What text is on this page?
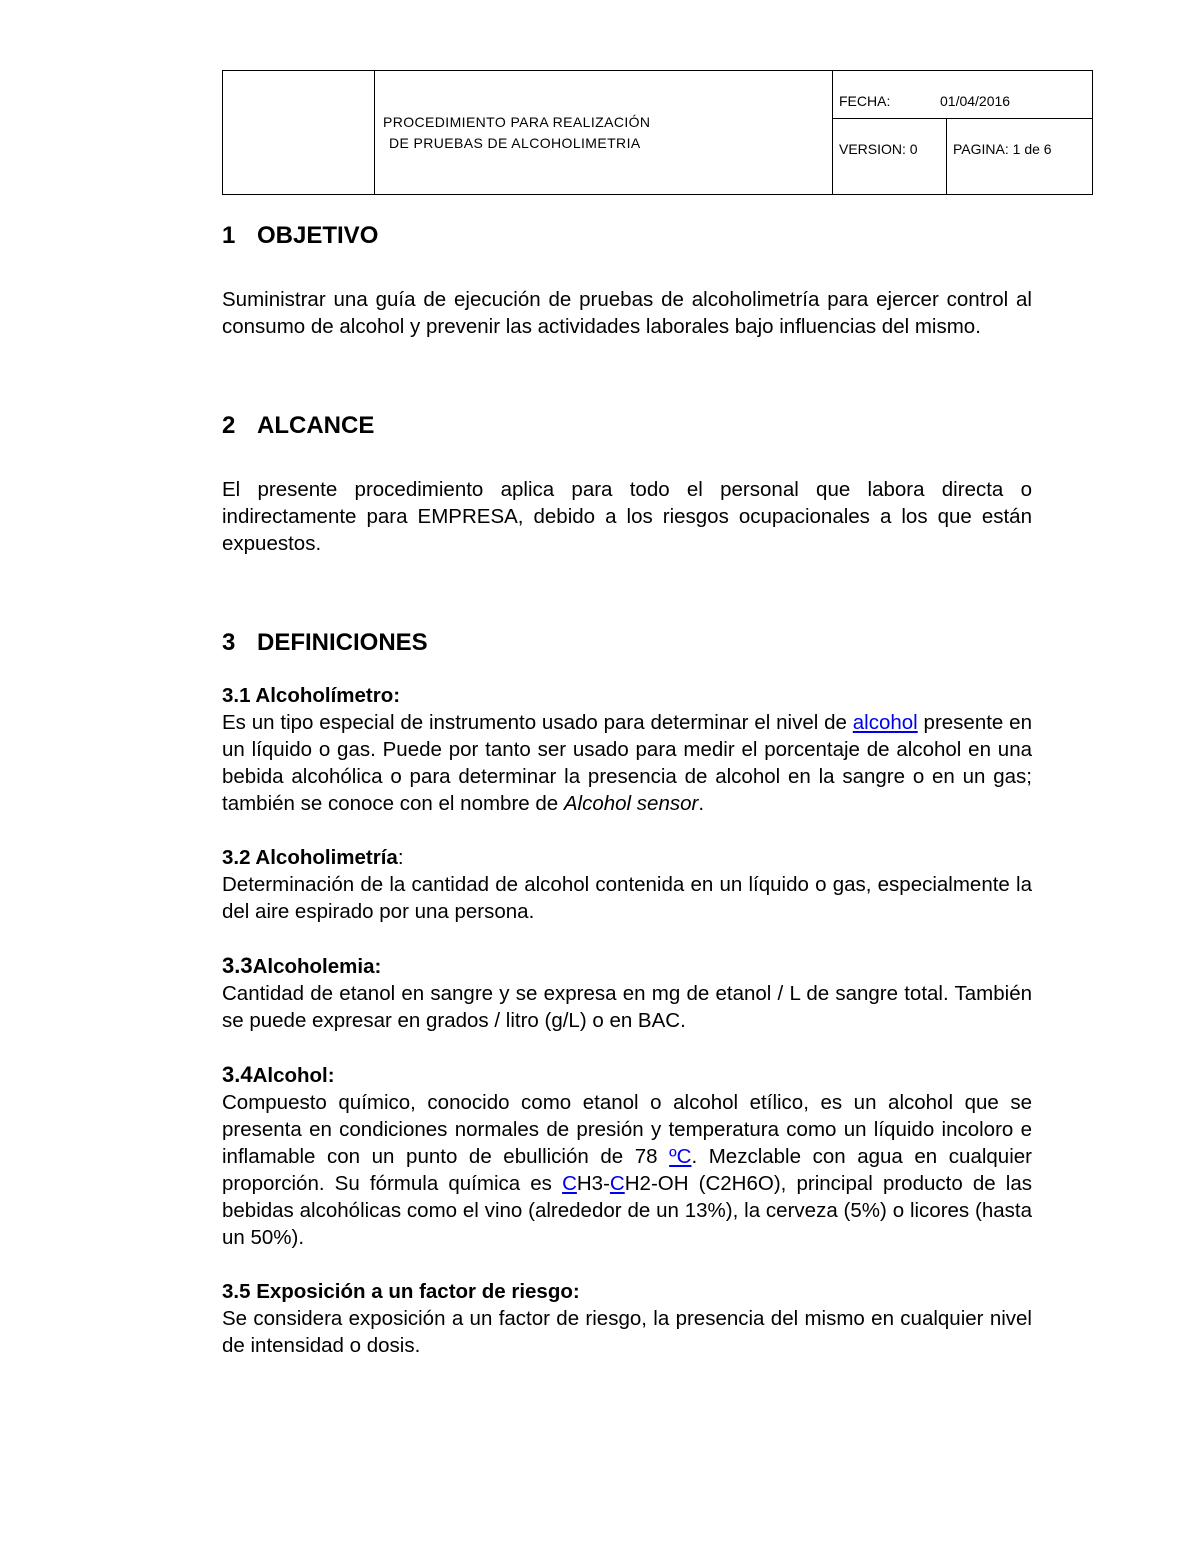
PROCEDIMIENTO PARA REALIZACIÓN
DE PRUEBAS DE ALCOHOLIMETRIA
FECHA:	01/04/2016
VERSION: 0	PAGINA: 1 de 6
1 OBJETIVO

Suministrar una guía de ejecución de pruebas de alcoholimetría para ejercer control al consumo de alcohol y prevenir las actividades laborales bajo influencias del mismo.

2 ALCANCE

El presente procedimiento aplica para todo el personal que labora directa o indirectamente para EMPRESA, debido a los riesgos ocupacionales a los que están expuestos.

3 DEFINICIONES
3.1 Alcoholímetro:

Es un tipo especial de instrumento usado para determinar el nivel de alcohol presente en un líquido o gas. Puede por tanto ser usado para medir el porcentaje de alcohol en una bebida alcohólica o para determinar la presencia de alcohol en la sangre o en un gas; también se conoce con el nombre de Alcohol sensor.

3.2 Alcoholimetría:

Determinación de la cantidad de alcohol contenida en un líquido o gas, especialmente la del aire espirado por una persona.

3.3Alcoholemia:

Cantidad de etanol en sangre y se expresa en mg de etanol / L de sangre total. También se puede expresar en grados / litro (g/L) o en BAC.

3.4Alcohol:

Compuesto químico, conocido como etanol o alcohol etílico, es un alcohol que se presenta en condiciones normales de presión y temperatura como un líquido incoloro e inflamable con un punto de ebullición de 78 ºC. Mezclable con agua en cualquier proporción. Su fórmula química es CH3-CH2-OH (C2H6O), principal producto de las bebidas alcohólicas como el vino (alrededor de un 13%), la cerveza (5%) o licores (hasta un 50%).

3.5 Exposición a un factor de riesgo:

Se considera exposición a un factor de riesgo, la presencia del mismo en cualquier nivel de intensidad o dosis.
